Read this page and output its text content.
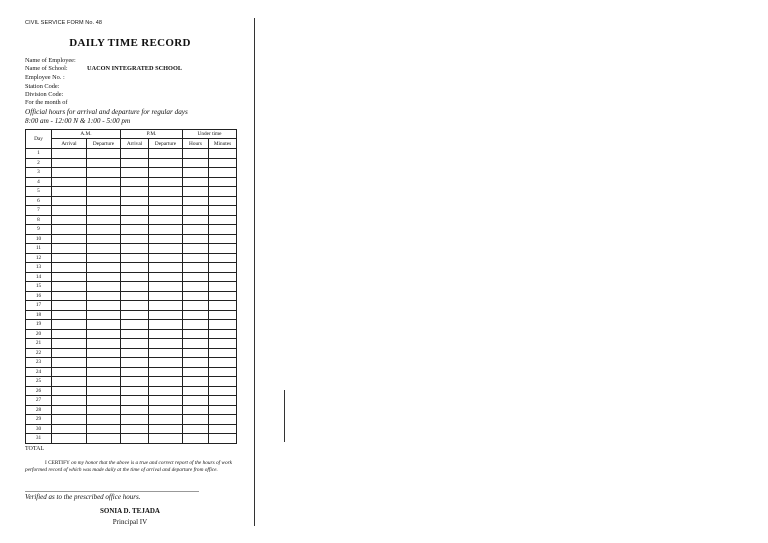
CIVIL SERVICE FORM No. 48
DAILY TIME RECORD
Name of Employee:
Name of School:	UACON INTEGRATED SCHOOL
Employee No. :
Station Code:
Division Code:
For the month of
Official hours for arrival and departure for regular days
8:00 am - 12:00 N & 1:00 - 5:00 pm
Day	A.M.		P.M.		Under time	
	Arrival	Departure	Arrival	Departure	Hours	Minutes
1						
2						
3						
4						
5						
6						
7						
8						
9						
10						
11						
12						
13						
14						
15						
16						
17						
18						
19						
20						
21						
22						
23						
24						
25						
26						
27						
28						
29						
30						
31						
TOTAL
I CERTIFY on my honor that the above is a true and correct report of the hours of work performed record of which was made daily at the time of arrival and departure from office.
Verified as to the prescribed office hours.
SONIA D. TEJADA
Principal IV
